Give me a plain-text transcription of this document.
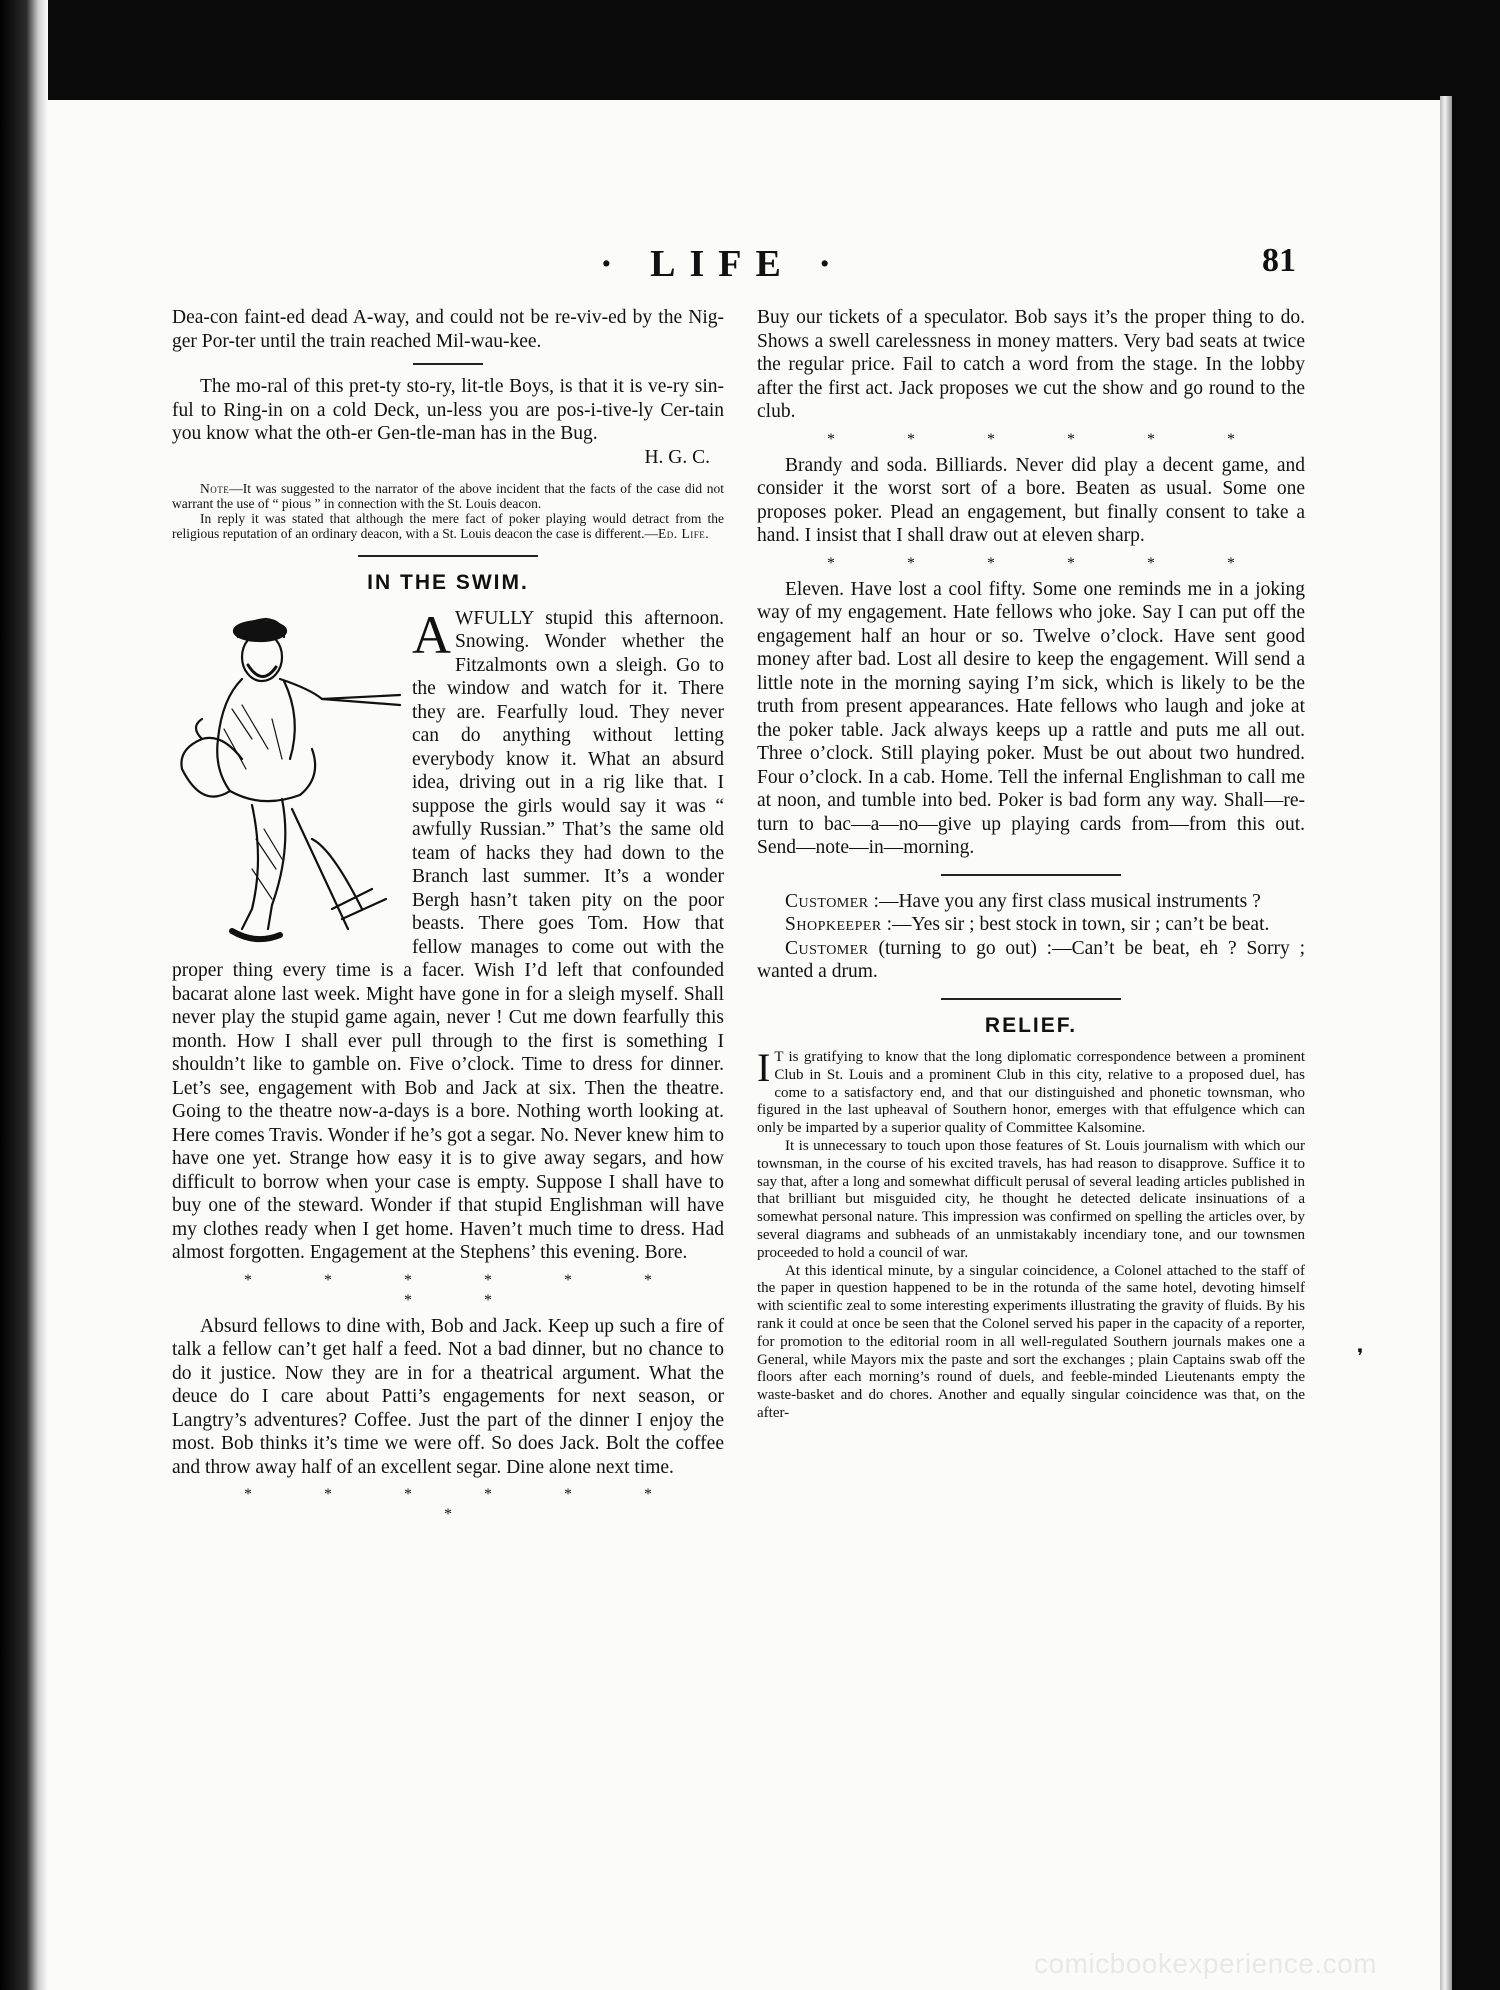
· LIFE ·	81

Dea-con faint-ed dead A-way, and could not be re-viv-ed by the Nig-ger Por-ter until the train reached Mil-wau-kee.

The mo-ral of this pret-ty sto-ry, lit-tle Boys, is that it is ve-ry sin-ful to Ring-in on a cold Deck, un-less you are pos-i-tive-ly Cer-tain you know what the oth-er Gen-tle-man has in the Bug.

H. G. C.

Note—It was suggested to the narrator of the above incident that the facts of the case did not warrant the use of “ pious ” in connection with the St. Louis deacon.

In reply it was stated that although the mere fact of poker playing would detract from the religious reputation of an ordinary deacon, with a St. Louis deacon the case is different.—Ed. Life.

IN THE SWIM.
A WFULLY stupid this afternoon. Snowing. Wonder whether the Fitzalmonts own a sleigh. Go to the window and watch for it. There they are. Fearfully loud. They never can do anything without letting everybody know it. What an absurd idea, driving out in a rig like that. I suppose the girls would say it was “ awfully Russian.” That’s the same old team of hacks they had down to the Branch last summer. It’s a wonder Bergh hasn’t taken pity on the poor beasts. There goes Tom. How that fellow manages to come out with the proper thing every time is a facer. Wish I’d left that confounded bacarat alone last week. Might have gone in for a sleigh myself. Shall never play the stupid game again, never ! Cut me down fearfully this month. How I shall ever pull through to the first is something I shouldn’t like to gamble on. Five o’clock. Time to dress for dinner. Let’s see, engagement with Bob and Jack at six. Then the theatre. Going to the theatre now-a-days is a bore. Nothing worth looking at. Here comes Travis. Wonder if he’s got a segar. No. Never knew him to have one yet. Strange how easy it is to give away segars, and how difficult to borrow when your case is empty. Suppose I shall have to buy one of the steward. Wonder if that stupid Englishman will have my clothes ready when I get home. Haven’t much time to dress. Had almost forgotten. Engagement at the Stephens’ this evening. Bore.

* * * * * * * *

Absurd fellows to dine with, Bob and Jack. Keep up such a fire of talk a fellow can’t get half a feed. Not a bad dinner, but no chance to do it justice. Now they are in for a theatrical argument. What the deuce do I care about Patti’s engagements for next season, or Langtry’s adventures? Coffee. Just the part of the dinner I enjoy the most. Bob thinks it’s time we were off. So does Jack. Bolt the coffee and throw away half of an excellent segar. Dine alone next time.

* * * * * * *

Buy our tickets of a speculator. Bob says it’s the proper thing to do. Shows a swell carelessness in money matters. Very bad seats at twice the regular price. Fail to catch a word from the stage. In the lobby after the first act. Jack proposes we cut the show and go round to the club.

* * * * * *

Brandy and soda. Billiards. Never did play a decent game, and consider it the worst sort of a bore. Beaten as usual. Some one proposes poker. Plead an engagement, but finally consent to take a hand. I insist that I shall draw out at eleven sharp.

* * * * * *

Eleven. Have lost a cool fifty. Some one reminds me in a joking way of my engagement. Hate fellows who joke. Say I can put off the engagement half an hour or so. Twelve o’clock. Have sent good money after bad. Lost all desire to keep the engagement. Will send a little note in the morning saying I’m sick, which is likely to be the truth from present appearances. Hate fellows who laugh and joke at the poker table. Jack always keeps up a rattle and puts me all out. Three o’clock. Still playing poker. Must be out about two hundred. Four o’clock. In a cab. Home. Tell the infernal Englishman to call me at noon, and tumble into bed. Poker is bad form any way. Shall—re-turn to bac—a—no—give up playing cards from—from this out. Send—note—in—morning.

Customer :—Have you any first class musical instruments ?

Shopkeeper :—Yes sir ; best stock in town, sir ; can’t be beat.

Customer (turning to go out) :—Can’t be beat, eh ? Sorry ; wanted a drum.

RELIEF.
I T is gratifying to know that the long diplomatic correspondence between a prominent Club in St. Louis and a prominent Club in this city, relative to a proposed duel, has come to a satisfactory end, and that our distinguished and phonetic townsman, who figured in the last upheaval of Southern honor, emerges with that effulgence which can only be imparted by a superior quality of Committee Kalsomine.

It is unnecessary to touch upon those features of St. Louis journalism with which our townsman, in the course of his excited travels, has had reason to disapprove. Suffice it to say that, after a long and somewhat difficult perusal of several leading articles published in that brilliant but misguided city, he thought he detected delicate insinuations of a somewhat personal nature. This impression was confirmed on spelling the articles over, by several diagrams and subheads of an unmistakably incendiary tone, and our townsmen proceeded to hold a council of war.

At this identical minute, by a singular coincidence, a Colonel attached to the staff of the paper in question happened to be in the rotunda of the same hotel, devoting himself with scientific zeal to some interesting experiments illustrating the gravity of fluids. By his rank it could at once be seen that the Colonel served his paper in the capacity of a reporter, for promotion to the editorial room in all well-regulated Southern journals makes one a General, while Mayors mix the paste and sort the exchanges ; plain Captains swab off the floors after each morning’s round of duels, and feeble-minded Lieutenants empty the waste-basket and do chores. Another and equally singular coincidence was that, on the after-

❜
comicbookexperience.com
